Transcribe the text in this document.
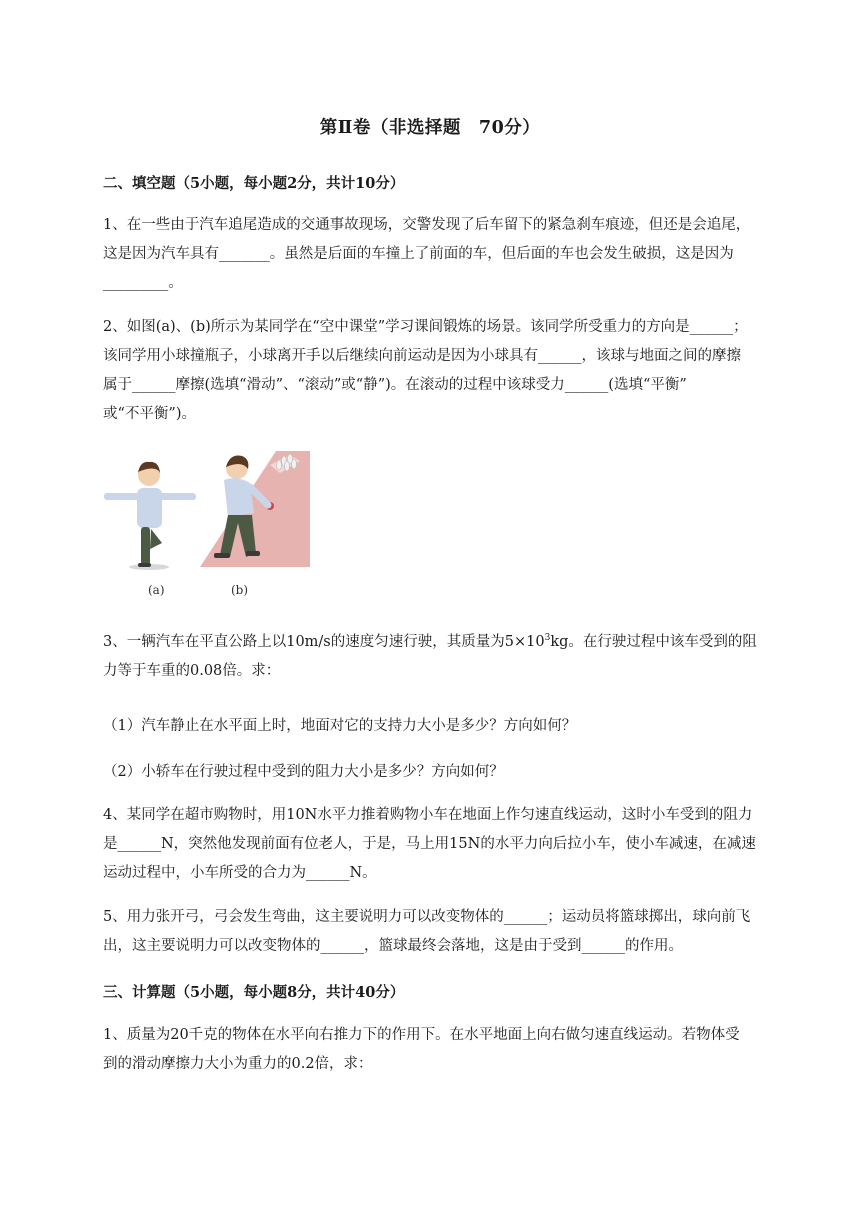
第Ⅱ卷（非选择题　70分）
二、填空题（5小题，每小题2分，共计10分）
1、在一些由于汽车追尾造成的交通事故现场，交警发现了后车留下的紧急刹车痕迹，但还是会追尾，
这是因为汽车具有_______。虽然是后面的车撞上了前面的车，但后面的车也会发生破损，这是因为
_________。
2、如图(a)、(b)所示为某同学在“空中课堂”学习课间锻炼的场景。该同学所受重力的方向是______；
该同学用小球撞瓶子，小球离开手以后继续向前运动是因为小球具有______，该球与地面之间的摩擦
属于______摩擦(选填“滑动”、“滚动”或“静”)。在滚动的过程中该球受力______(选填“平衡”
或“不平衡”)。
(a)	(b)
3、一辆汽车在平直公路上以10m/s的速度匀速行驶，其质量为$5\times 10^3kg$。在行驶过程中该车受到的阻
力等于车重的0.08倍。求：
（1）汽车静止在水平面上时，地面对它的支持力大小是多少？方向如何？
（2）小轿车在行驶过程中受到的阻力大小是多少？方向如何？
4、某同学在超市购物时，用10N水平力推着购物小车在地面上作匀速直线运动，这时小车受到的阻力
是______N，突然他发现前面有位老人，于是，马上用15N的水平力向后拉小车，使小车减速，在减速
运动过程中，小车所受的合力为______N。
5、用力张开弓，弓会发生弯曲，这主要说明力可以改变物体的______；运动员将篮球掷出，球向前飞
出，这主要说明力可以改变物体的______，篮球最终会落地，这是由于受到______的作用。
三、计算题（5小题，每小题8分，共计40分）
1、质量为20千克的物体在水平向右推力下的作用下。在水平地面上向右做匀速直线运动。若物体受
到的滑动摩擦力大小为重力的0.2倍，求：
